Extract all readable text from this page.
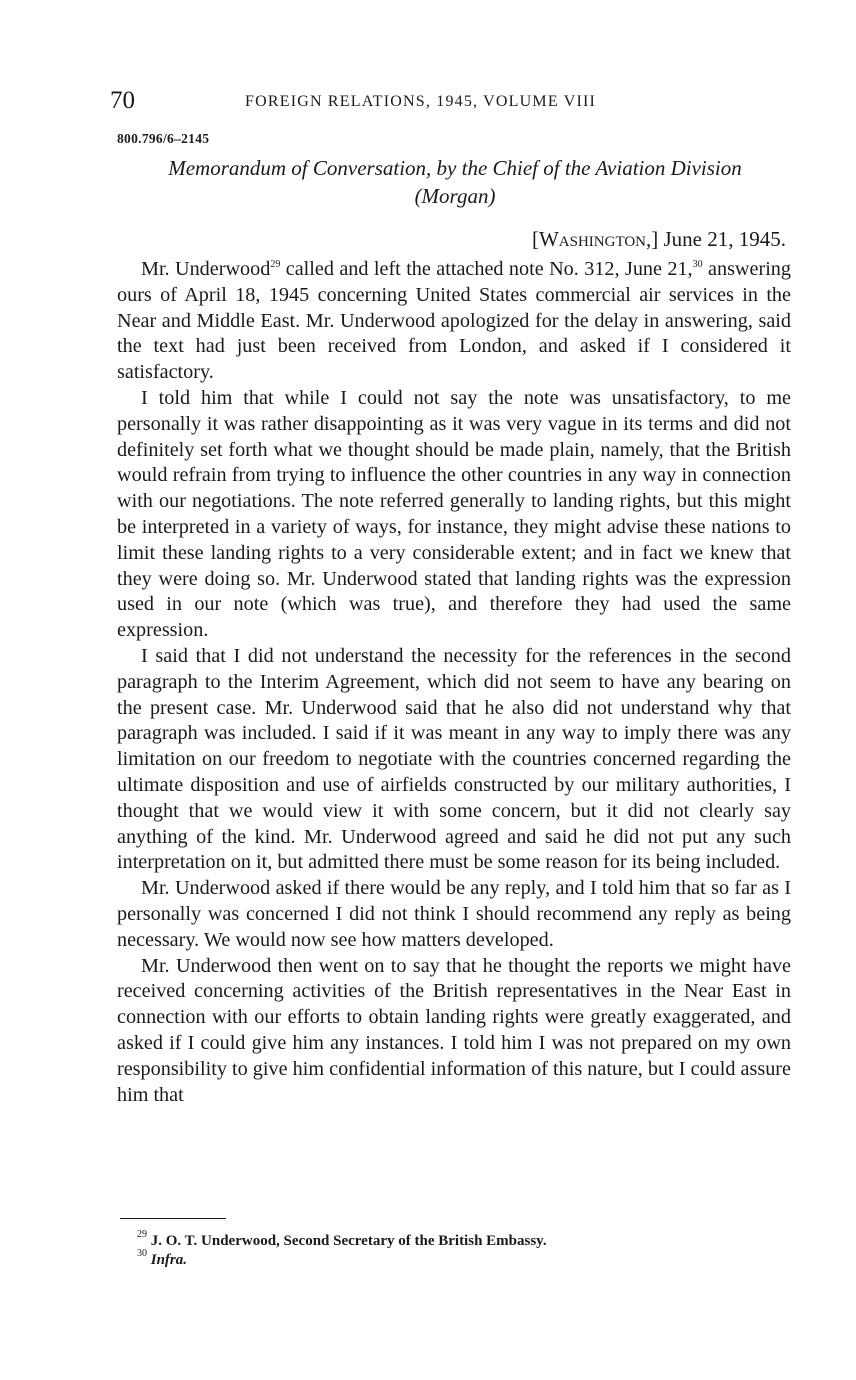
70	FOREIGN RELATIONS, 1945, VOLUME VIII
800.796/6–2145
Memorandum of Conversation, by the Chief of the Aviation Division
(Morgan)
[Washington,] June 21, 1945.

Mr. Underwood$^{29}$ called and left the attached note No. 312, June 21,30 answering ours of April 18, 1945 concerning United States commercial air services in the Near and Middle East. Mr. Underwood apologized for the delay in answering, said the text had just been received from London, and asked if I considered it satisfactory.

I told him that while I could not say the note was unsatisfactory, to me personally it was rather disappointing as it was very vague in its terms and did not definitely set forth what we thought should be made plain, namely, that the British would refrain from trying to influence the other countries in any way in connection with our negotiations. The note referred generally to landing rights, but this might be interpreted in a variety of ways, for instance, they might advise these nations to limit these landing rights to a very considerable extent; and in fact we knew that they were doing so. Mr. Underwood stated that landing rights was the expression used in our note (which was true), and therefore they had used the same expression.

I said that I did not understand the necessity for the references in the second paragraph to the Interim Agreement, which did not seem to have any bearing on the present case. Mr. Underwood said that he also did not understand why that paragraph was included. I said if it was meant in any way to imply there was any limitation on our freedom to negotiate with the countries concerned regarding the ultimate disposition and use of airfields constructed by our military authorities, I thought that we would view it with some concern, but it did not clearly say anything of the kind. Mr. Underwood agreed and said he did not put any such interpretation on it, but admitted there must be some reason for its being included.

Mr. Underwood asked if there would be any reply, and I told him that so far as I personally was concerned I did not think I should recommend any reply as being necessary. We would now see how matters developed.

Mr. Underwood then went on to say that he thought the reports we might have received concerning activities of the British representatives in the Near East in connection with our efforts to obtain landing rights were greatly exaggerated, and asked if I could give him any instances. I told him I was not prepared on my own responsibility to give him confidential information of this nature, but I could assure him that

$^{29}$ J. O. T. Underwood, Second Secretary of the British Embassy.
$^{30}$ Infra.
